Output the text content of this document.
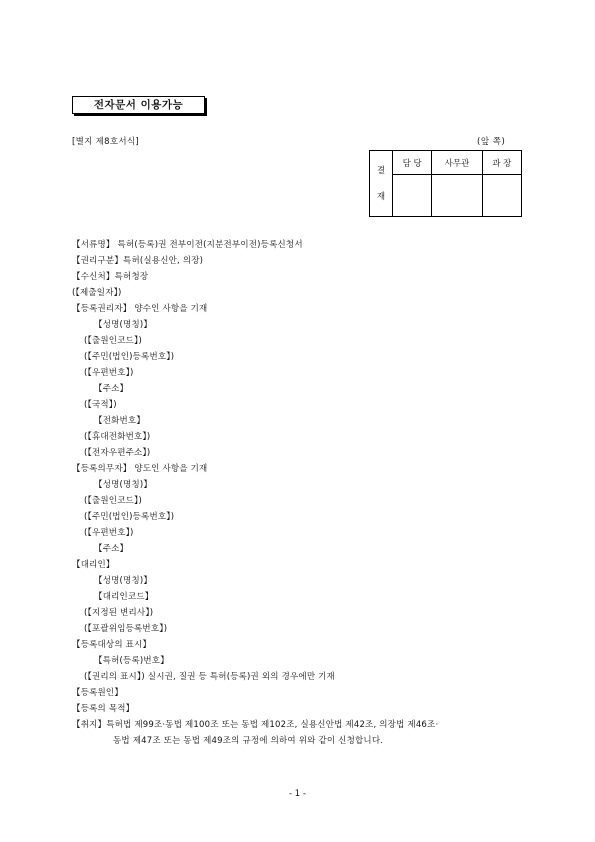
전자문서 이용가능
[별지 제8호서식]	(앞 쪽)
결
재	담 당	사무관	과 장

【서류명】 특허(등록)권 전부이전(지분전부이전)등록신청서
【권리구분】특허(실용신안, 의장)
【수신처】특허청장
(【제출일자】)
【등록권리자】 양수인 사항을 기재
【성명(명칭)】
(【출원인코드】)
(【주민(법인)등록번호】)
(【우편번호】)
【주소】
(【국적】)
【전화번호】
(【휴대전화번호】)
(【전자우편주소】)
【등록의무자】 양도인 사항을 기재
【성명(명칭)】
(【출원인코드】)
(【주민(법인)등록번호】)
(【우편번호】)
【주소】
【대리인】
【성명(명칭)】
【대리인코드】
(【지정된 변리사】)
(【포괄위임등록번호】)
【등록대상의 표시】
【특허(등록)번호】
(【권리의 표시】) 실시권, 질권 등 특허(등록)권 외의 경우에만 기재
【등록원인】
【등록의 목적】
【취지】특허법 제99조·동법 제100조 또는 동법 제102조, 실용신안법 제42조, 의장법 제46조·
동법 제47조 또는 동법 제49조의 규정에 의하여 위와 같이 신청합니다.
- 1 -
